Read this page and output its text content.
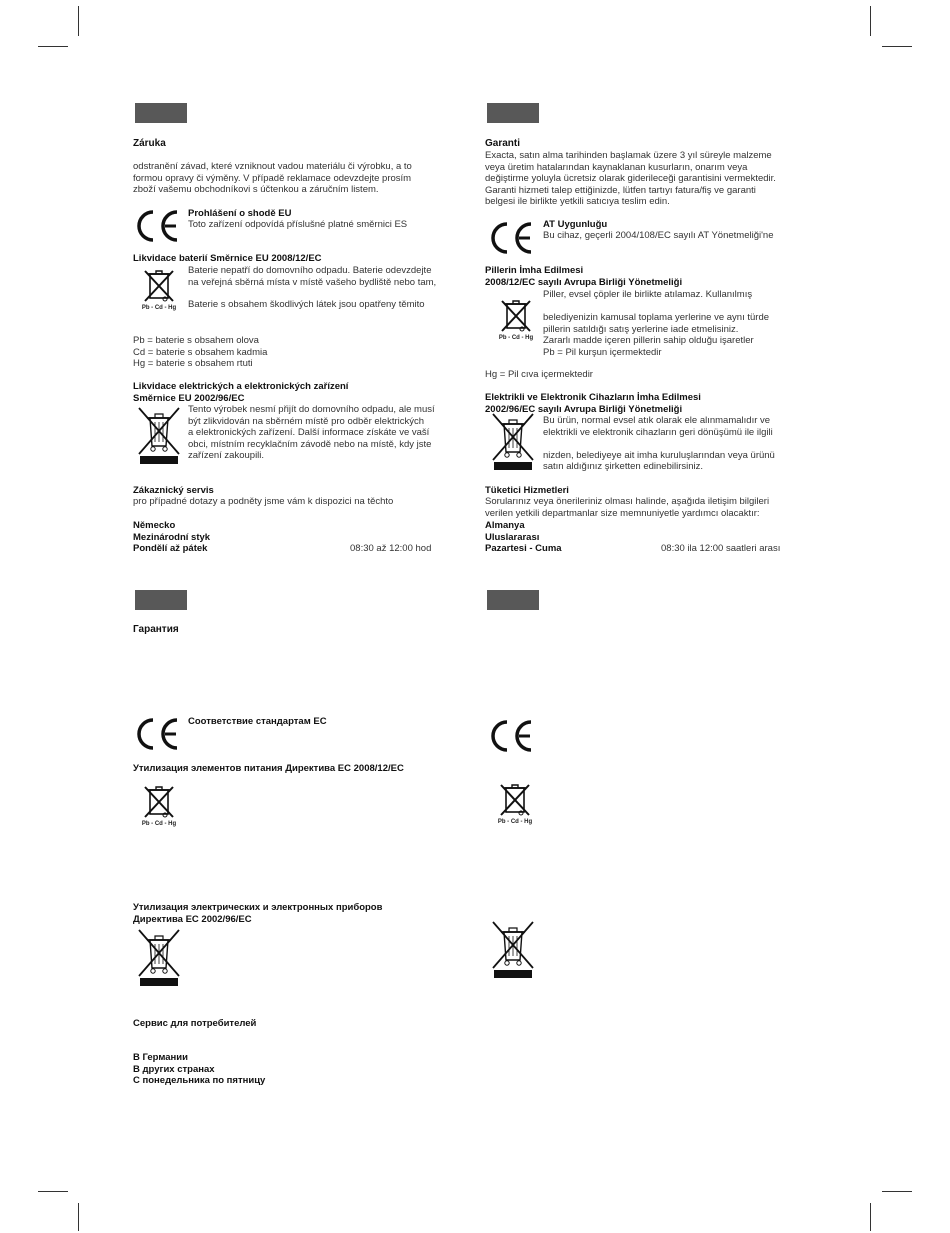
Záruka
odstranění závad, které vzniknout vadou materiálu či výrobku, a to
formou opravy či výměny. V případě reklamace odevzdejte prosím
zboží vašemu obchodníkovi s účtenkou a záručním listem.
Prohlášení o shodě EU
Toto zařízení odpovídá příslušné platné směrnici ES
Likvidace baterií Směrnice EU 2008/12/EC
Pb - Cd - Hg
Baterie nepatří do domovního odpadu. Baterie odevzdejte
na veřejná sběrná místa v místě vašeho bydliště nebo tam,
Baterie s obsahem škodlivých látek jsou opatřeny těmito
Pb = baterie s obsahem olova
Cd = baterie s obsahem kadmia
Hg = baterie s obsahem rtuti
Likvidace elektrických a elektronických zařízení
Směrnice EU 2002/96/EC
Tento výrobek nesmí přijít do domovního odpadu, ale musí
být zlikvidován na sběrném místě pro odběr elektrických
a elektronických zařízení. Další informace získáte ve vaší
obci, místním recyklačním závodě nebo na místě, kdy jste
zařízení zakoupili.
Zákaznický servis
pro případné dotazy a podněty jsme vám k dispozici na těchto
Německo
Mezinárodní styk
Pondělí až pátek	08:30 až 12:00 hod
Garanti
Exacta, satın alma tarihinden başlamak üzere 3 yıl süreyle malzeme
veya üretim hatalarından kaynaklanan kusurların, onarım veya
değiştirme yoluyla ücretsiz olarak giderileceği garantisini vermektedir.
Garanti hizmeti talep ettiğinizde, lütfen tartıyı fatura/fiş ve garanti
belgesi ile birlikte yetkili satıcıya teslim edin.
AT Uygunluğu
Bu cihaz, geçerli 2004/108/EC sayılı AT Yönetmeliği'ne
Pillerin İmha Edilmesi
2008/12/EC sayılı Avrupa Birliği Yönetmeliği
Pb - Cd - Hg
Piller, evsel çöpler ile birlikte atılamaz. Kullanılmış

belediyenizin kamusal toplama yerlerine ve aynı türde
pillerin satıldığı satış yerlerine iade etmelisiniz.
Zararlı madde içeren pillerin sahip olduğu işaretler
Pb = Pil kurşun içermektedir
Hg = Pil cıva içermektedir
Elektrikli ve Elektronik Cihazların İmha Edilmesi
2002/96/EC sayılı Avrupa Birliği Yönetmeliği
Bu ürün, normal evsel atık olarak ele alınmamalıdır ve
elektrikli ve elektronik cihazların geri dönüşümü ile ilgili

nizden, belediyeye ait imha kuruluşlarından veya ürünü
satın aldığınız şirketten edinebilirsiniz.
Tüketici Hizmetleri
Sorularınız veya önerileriniz olması halinde, aşağıda iletişim bilgileri
verilen yetkili departmanlar size memnuniyetle yardımcı olacaktır:
Almanya
Uluslararası
Pazartesi - Cuma	08:30 ila 12:00 saatleri arası
Гарантия
Соответствие стандартам ЕС
Утилизация элементов питания Директива ЕС 2008/12/EC
Pb - Cd - Hg
Утилизация электрических и электронных приборов
Директива ЕС 2002/96/EC
Сервис для потребителей
В Германии
В других странах
С понедельника по пятницу
Pb - Cd - Hg
